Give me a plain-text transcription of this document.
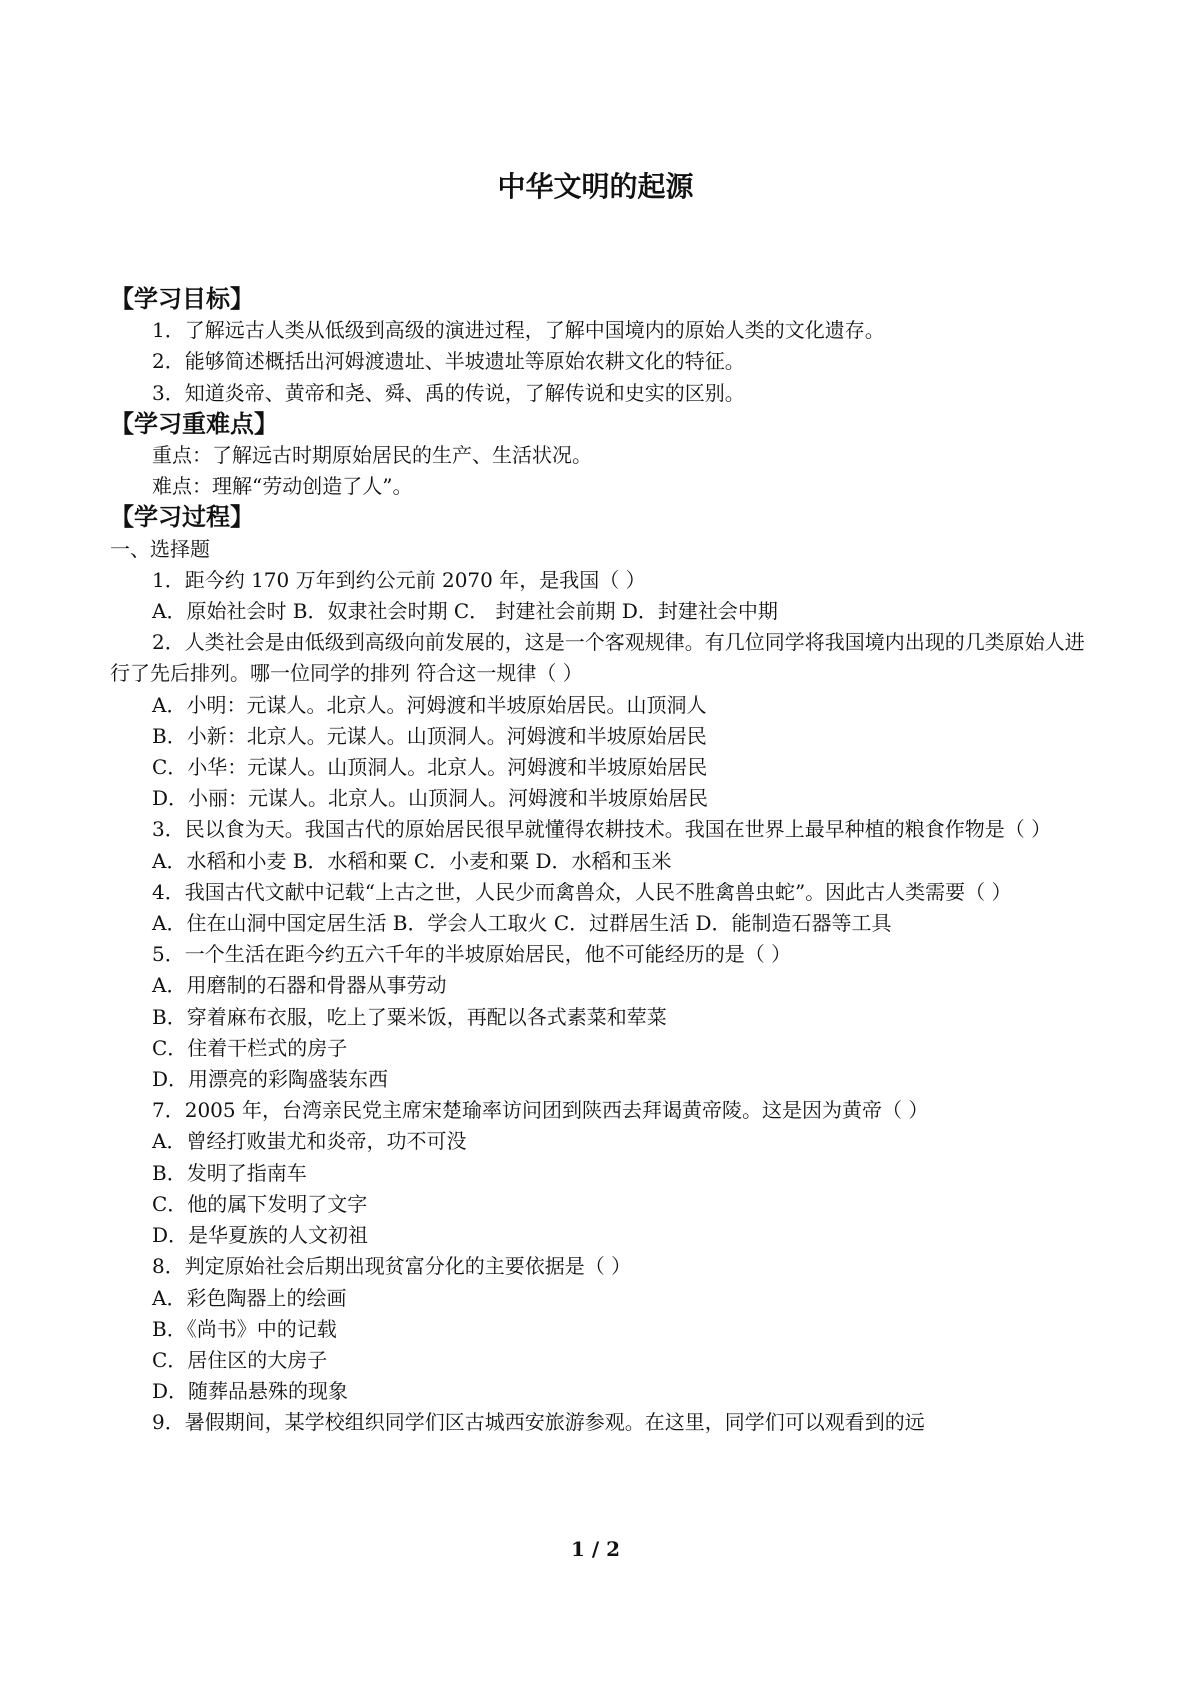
中华文明的起源
【学习目标】
1．了解远古人类从低级到高级的演进过程，了解中国境内的原始人类的文化遗存。
2．能够简述概括出河姆渡遗址、半坡遗址等原始农耕文化的特征。
3．知道炎帝、黄帝和尧、舜、禹的传说，了解传说和史实的区别。
【学习重难点】
重点：了解远古时期原始居民的生产、生活状况。
难点：理解“劳动创造了人”。
【学习过程】
一、选择题
1．距今约 170 万年到约公元前 2070 年，是我国（ ）
A．原始社会时 B．奴隶社会时期 C． 封建社会前期 D．封建社会中期
2．人类社会是由低级到高级向前发展的，这是一个客观规律。有几位同学将我国境内出现的几类原始人进行了先后排列。哪一位同学的排列 符合这一规律（ ）
A．小明：元谋人。北京人。河姆渡和半坡原始居民。山顶洞人
B．小新：北京人。元谋人。山顶洞人。河姆渡和半坡原始居民
C．小华：元谋人。山顶洞人。北京人。河姆渡和半坡原始居民
D．小丽：元谋人。北京人。山顶洞人。河姆渡和半坡原始居民
3．民以食为天。我国古代的原始居民很早就懂得农耕技术。我国在世界上最早种植的粮食作物是（ ）
A．水稻和小麦 B．水稻和粟 C．小麦和粟 D．水稻和玉米
4．我国古代文献中记载“上古之世，人民少而禽兽众，人民不胜禽兽虫蛇”。因此古人类需要（ ）
A．住在山洞中国定居生活 B．学会人工取火 C．过群居生活 D．能制造石器等工具
5．一个生活在距今约五六千年的半坡原始居民，他不可能经历的是（ ）
A．用磨制的石器和骨器从事劳动
B．穿着麻布衣服，吃上了粟米饭，再配以各式素菜和荤菜
C．住着干栏式的房子
D．用漂亮的彩陶盛装东西
7．2005 年，台湾亲民党主席宋楚瑜率访问团到陕西去拜谒黄帝陵。这是因为黄帝（ ）
A．曾经打败蚩尤和炎帝，功不可没
B．发明了指南车
C．他的属下发明了文字
D．是华夏族的人文初祖
8．判定原始社会后期出现贫富分化的主要依据是（ ）
A．彩色陶器上的绘画
B．《尚书》中的记载
C．居住区的大房子
D．随葬品悬殊的现象
9．暑假期间，某学校组织同学们区古城西安旅游参观。在这里，同学们可以观看到的远
1 / 2
